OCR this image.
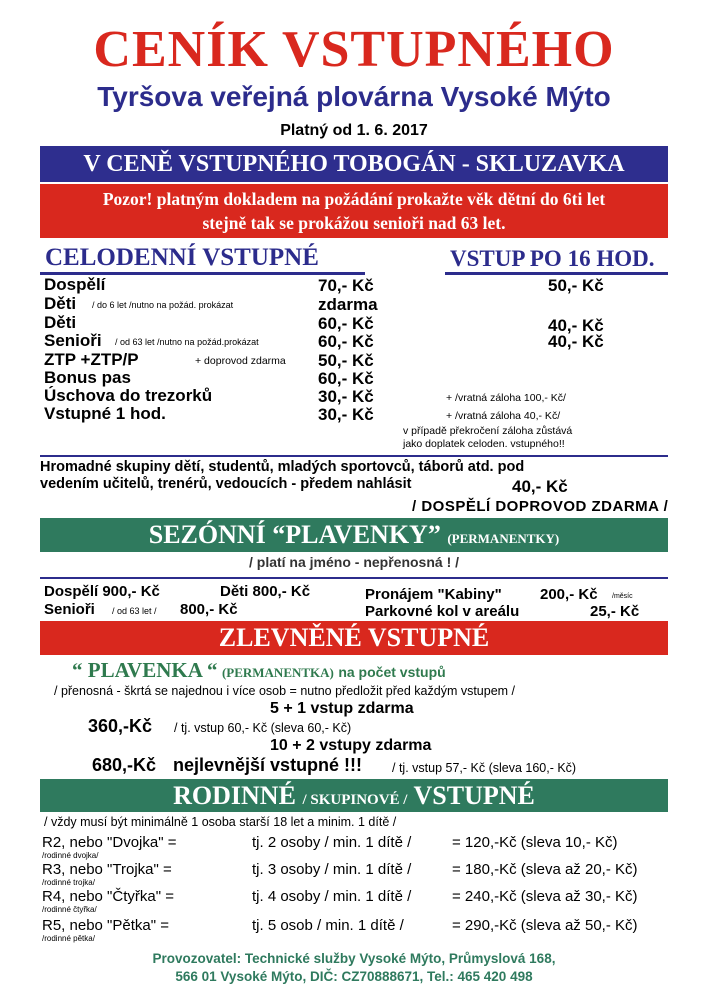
CENÍK VSTUPNÉHO
Tyršova veřejná plovárna Vysoké Mýto
Platný od 1. 6. 2017
V CENĚ VSTUPNÉHO TOBOGÁN - SKLUZAVKA
Pozor! platným dokladem na požádání prokažte věk dětní do 6ti let
stejně tak se prokážou senioři nad 63 let.
CELODENNÍ VSTUPNÉ	VSTUP PO 16 HOD.
Dospělí	70,- Kč	50,- Kč
Děti / do 6 let /nutno na požád. prokázat	zdarma
Děti	60,- Kč	40,- Kč
Senioři / od 63 let /nutno na požád.prokázat	60,- Kč	40,- Kč
ZTP +ZTP/P	+ doprovod zdarma 50,- Kč
Bonus pas	60,- Kč
Úschova do trezorků	30,- Kč	+ /vratná záloha 100,- Kč/
Vstupné 1 hod.	30,- Kč	+ /vratná záloha 40,- Kč/
v případě překročení záloha zůstává
jako doplatek celoden. vstupného!!
Hromadné skupiny dětí, studentů, mladých sportovců, táborů atd. pod
vedením učitelů, trenérů, vedoucích - předem nahlásit	40,- Kč
/ DOSPĚLÍ DOPROVOD ZDARMA /
SEZÓNNÍ “PLAVENKY” (PERMANENTKY)
/ platí na jméno - nepřenosná ! /
Dospělí 900,- Kč	Děti 800,- Kč
Senioři / od 63 let / 800,- Kč
Pronájem "Kabiny"	200,- Kč /měsíc
Parkovné kol v areálu	25,- Kč
ZLEVNĚNÉ VSTUPNÉ
“ PLAVENKA “ (PERMANENTKA) na počet vstupů
/ přenosná - škrtá se najednou i více osob = nutno předložit před každým vstupem /
5 + 1 vstup zdarma
360,-Kč / tj. vstup 60,- Kč (sleva 60,- Kč)
10 + 2 vstupy zdarma
680,-Kč nejlevnější vstupné !!! / tj. vstup 57,- Kč (sleva 160,- Kč)
RODINNÉ / SKUPINOVÉ / VSTUPNÉ
/ vždy musí být minimálně 1 osoba starší 18 let a minim. 1 dítě /
R2, nebo "Dvojka" =
/rodinné dvojka/
tj. 2 osoby / min. 1 dítě /	= 120,-Kč (sleva 10,- Kč)
R3, nebo "Trojka" =
/rodinné trojka/
tj. 3 osoby / min. 1 dítě /	= 180,-Kč (sleva až 20,- Kč)
R4, nebo "Čtyřka" =
/rodinné čtyřka/
tj. 4 osoby / min. 1 dítě /	= 240,-Kč (sleva až 30,- Kč)
R5, nebo "Pětka" =
/rodinné pětka/
tj. 5 osob / min. 1 dítě /	= 290,-Kč (sleva až 50,- Kč)
Provozovatel: Technické služby Vysoké Mýto, Průmyslová 168,
566 01 Vysoké Mýto, DIČ: CZ70888671, Tel.: 465 420 498
